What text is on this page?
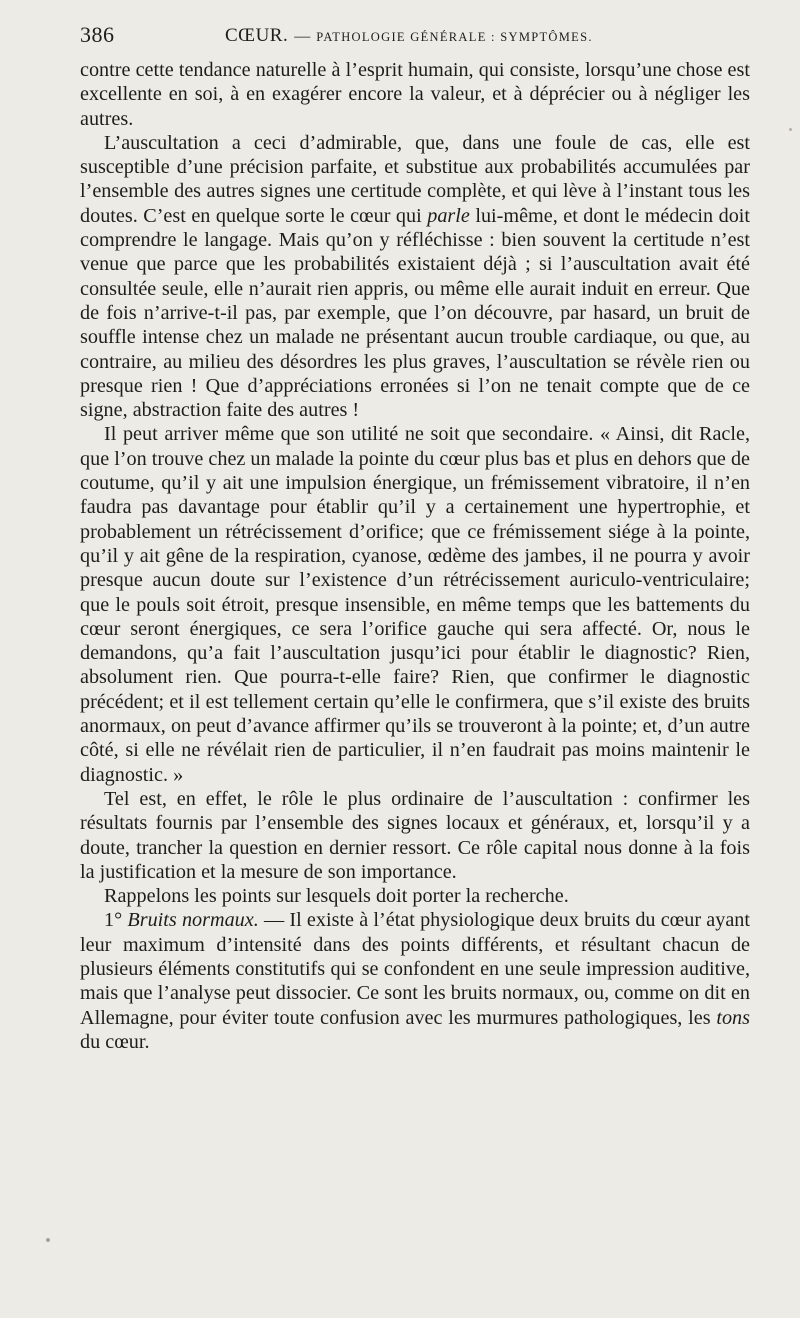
386	CŒUR. — PATHOLOGIE GÉNÉRALE : SYMPTÔMES.

contre cette tendance naturelle à l’esprit humain, qui consiste, lorsqu’une chose est excellente en soi, à en exagérer encore la valeur, et à déprécier ou à négliger les autres.

L’auscultation a ceci d’admirable, que, dans une foule de cas, elle est susceptible d’une précision parfaite, et substitue aux probabilités accumulées par l’ensemble des autres signes une certitude complète, et qui lève à l’instant tous les doutes. C’est en quelque sorte le cœur qui parle lui-même, et dont le médecin doit comprendre le langage. Mais qu’on y réfléchisse : bien souvent la certitude n’est venue que parce que les probabilités existaient déjà ; si l’auscultation avait été consultée seule, elle n’aurait rien appris, ou même elle aurait induit en erreur. Que de fois n’arrive-t-il pas, par exemple, que l’on découvre, par hasard, un bruit de souffle intense chez un malade ne présentant aucun trouble cardiaque, ou que, au contraire, au milieu des désordres les plus graves, l’auscultation se révèle rien ou presque rien ! Que d’appréciations erronées si l’on ne tenait compte que de ce signe, abstraction faite des autres !

Il peut arriver même que son utilité ne soit que secondaire. « Ainsi, dit Racle, que l’on trouve chez un malade la pointe du cœur plus bas et plus en dehors que de coutume, qu’il y ait une impulsion énergique, un frémissement vibratoire, il n’en faudra pas davantage pour établir qu’il y a certainement une hypertrophie, et probablement un rétrécissement d’orifice; que ce frémissement siége à la pointe, qu’il y ait gêne de la respiration, cyanose, œdème des jambes, il ne pourra y avoir presque aucun doute sur l’existence d’un rétrécissement auriculo-ventriculaire; que le pouls soit étroit, presque insensible, en même temps que les battements du cœur seront énergiques, ce sera l’orifice gauche qui sera affecté. Or, nous le demandons, qu’a fait l’auscultation jusqu’ici pour établir le diagnostic? Rien, absolument rien. Que pourra-t-elle faire? Rien, que confirmer le diagnostic précédent; et il est tellement certain qu’elle le confirmera, que s’il existe des bruits anormaux, on peut d’avance affirmer qu’ils se trouveront à la pointe; et, d’un autre côté, si elle ne révélait rien de particulier, il n’en faudrait pas moins maintenir le diagnostic. »

Tel est, en effet, le rôle le plus ordinaire de l’auscultation : confirmer les résultats fournis par l’ensemble des signes locaux et généraux, et, lorsqu’il y a doute, trancher la question en dernier ressort. Ce rôle capital nous donne à la fois la justification et la mesure de son importance.

Rappelons les points sur lesquels doit porter la recherche.

1° Bruits normaux. — Il existe à l’état physiologique deux bruits du cœur ayant leur maximum d’intensité dans des points différents, et résultant chacun de plusieurs éléments constitutifs qui se confondent en une seule impression auditive, mais que l’analyse peut dissocier. Ce sont les bruits normaux, ou, comme on dit en Allemagne, pour éviter toute confusion avec les murmures pathologiques, les tons du cœur.
